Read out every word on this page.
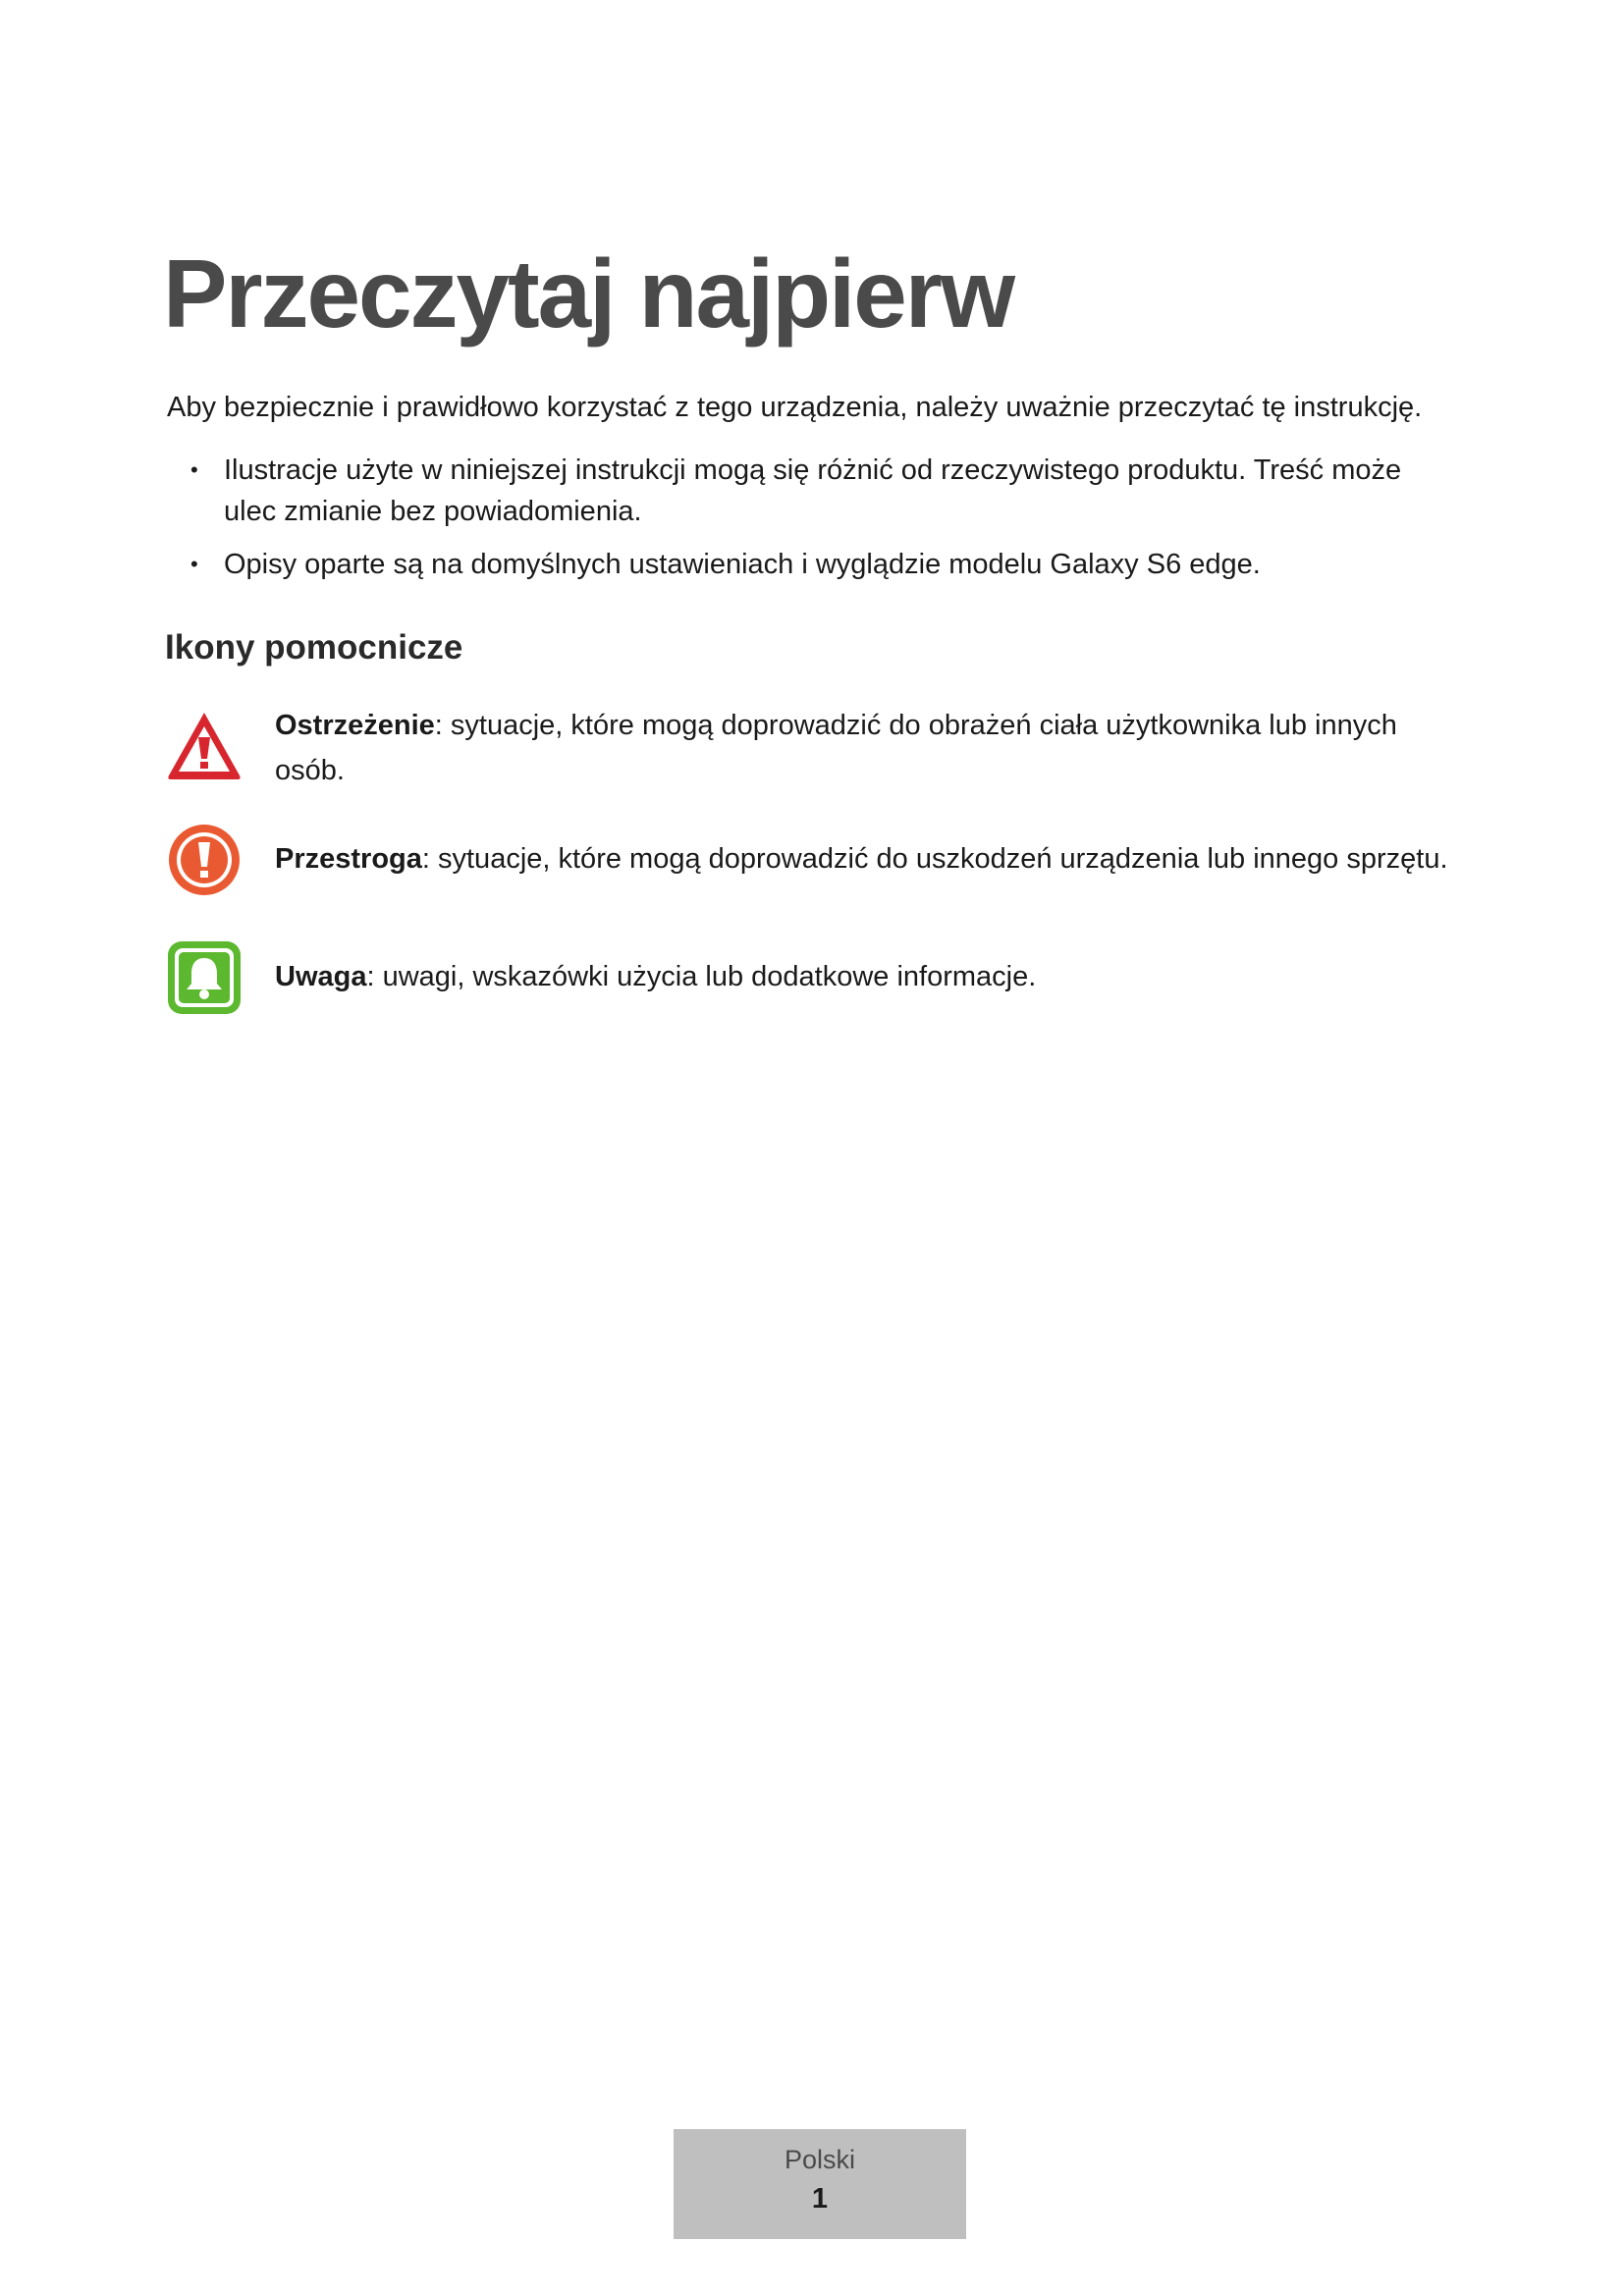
Przeczytaj najpierw

Aby bezpiecznie i prawidłowo korzystać z tego urządzenia, należy uważnie przeczytać tę instrukcję.

• Ilustracje użyte w niniejszej instrukcji mogą się różnić od rzeczywistego produktu. Treść może ulec zmianie bez powiadomienia.
• Opisy oparte są na domyślnych ustawieniach i wyglądzie modelu Galaxy S6 edge.
Ikony pomocnicze
Ostrzeżenie: sytuacje, które mogą doprowadzić do obrażeń ciała użytkownika lub innych osób.
Przestroga: sytuacje, które mogą doprowadzić do uszkodzeń urządzenia lub innego sprzętu.
Uwaga: uwagi, wskazówki użycia lub dodatkowe informacje.
Polski
1
